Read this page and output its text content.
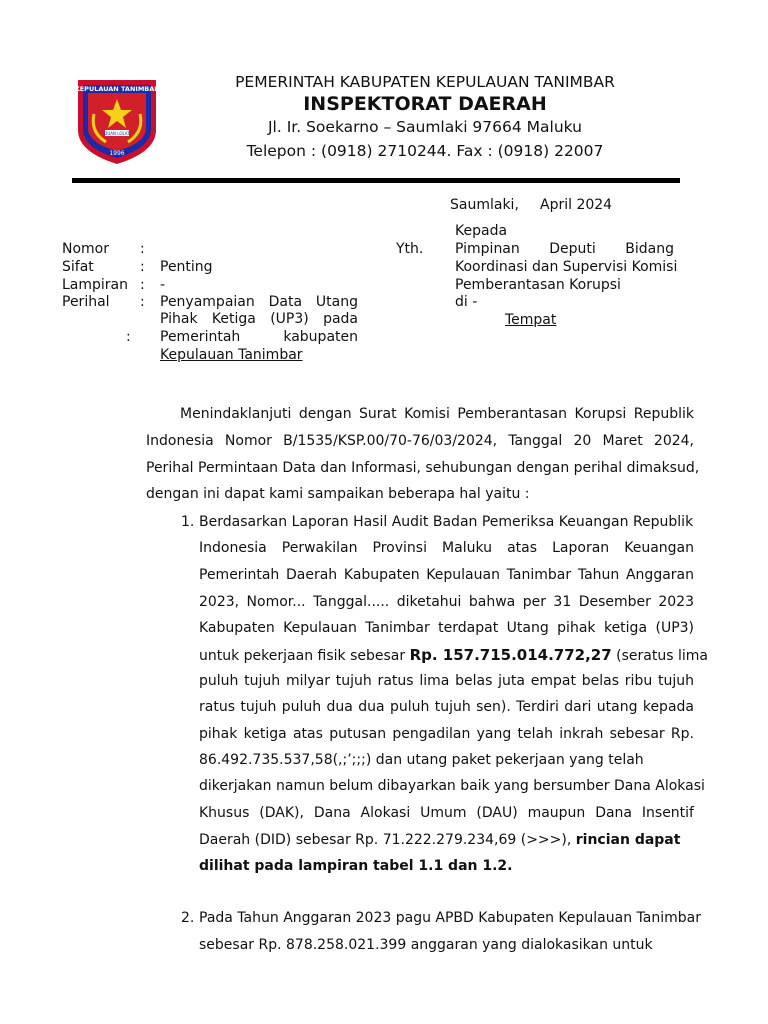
KEPULAUAN TANIMBAR
DUAN LOLAT
1996
PEMERINTAH KABUPATEN KEPULAUAN TANIMBAR
INSPEKTORAT DAERAH
Jl. Ir. Soekarno – Saumlaki 97664 Maluku
Telepon : (0918) 2710244. Fax : (0918) 22007
Saumlaki, April 2024
Nomor :
Sifat	: Penting
Lampiran : -
Perihal : Penyampaian Data Utang
Pihak Ketiga (UP3) pada
: Pemerintah kabupaten
Kepulauan Tanimbar
Kepada
Yth. Pimpinan Deputi Bidang
Koordinasi dan Supervisi Komisi
Pemberantasan Korupsi
di -
Tempat
Menindaklanjuti dengan Surat Komisi Pemberantasan Korupsi Republik
Indonesia Nomor B/1535/KSP.00/70-76/03/2024, Tanggal 20 Maret 2024,
Perihal Permintaan Data dan Informasi, sehubungan dengan perihal dimaksud,
dengan ini dapat kami sampaikan beberapa hal yaitu :
1. Berdasarkan Laporan Hasil Audit Badan Pemeriksa Keuangan Republik
Indonesia Perwakilan Provinsi Maluku atas Laporan Keuangan
Pemerintah Daerah Kabupaten Kepulauan Tanimbar Tahun Anggaran
2023, Nomor... Tanggal..... diketahui bahwa per 31 Desember 2023
Kabupaten Kepulauan Tanimbar terdapat Utang pihak ketiga (UP3)
untuk pekerjaan fisik sebesar Rp. 157.715.014.772,27 (seratus lima
puluh tujuh milyar tujuh ratus lima belas juta empat belas ribu tujuh
ratus tujuh puluh dua dua puluh tujuh sen). Terdiri dari utang kepada
pihak ketiga atas putusan pengadilan yang telah inkrah sebesar Rp.
86.492.735.537,58(,;’;;;) dan utang paket pekerjaan yang telah
dikerjakan namun belum dibayarkan baik yang bersumber Dana Alokasi
Khusus (DAK), Dana Alokasi Umum (DAU) maupun Dana Insentif
Daerah (DID) sebesar Rp. 71.222.279.234,69 (>>>), rincian dapat
dilihat pada lampiran tabel 1.1 dan 1.2.
2. Pada Tahun Anggaran 2023 pagu APBD Kabupaten Kepulauan Tanimbar
sebesar Rp. 878.258.021.399 anggaran yang dialokasikan untuk
